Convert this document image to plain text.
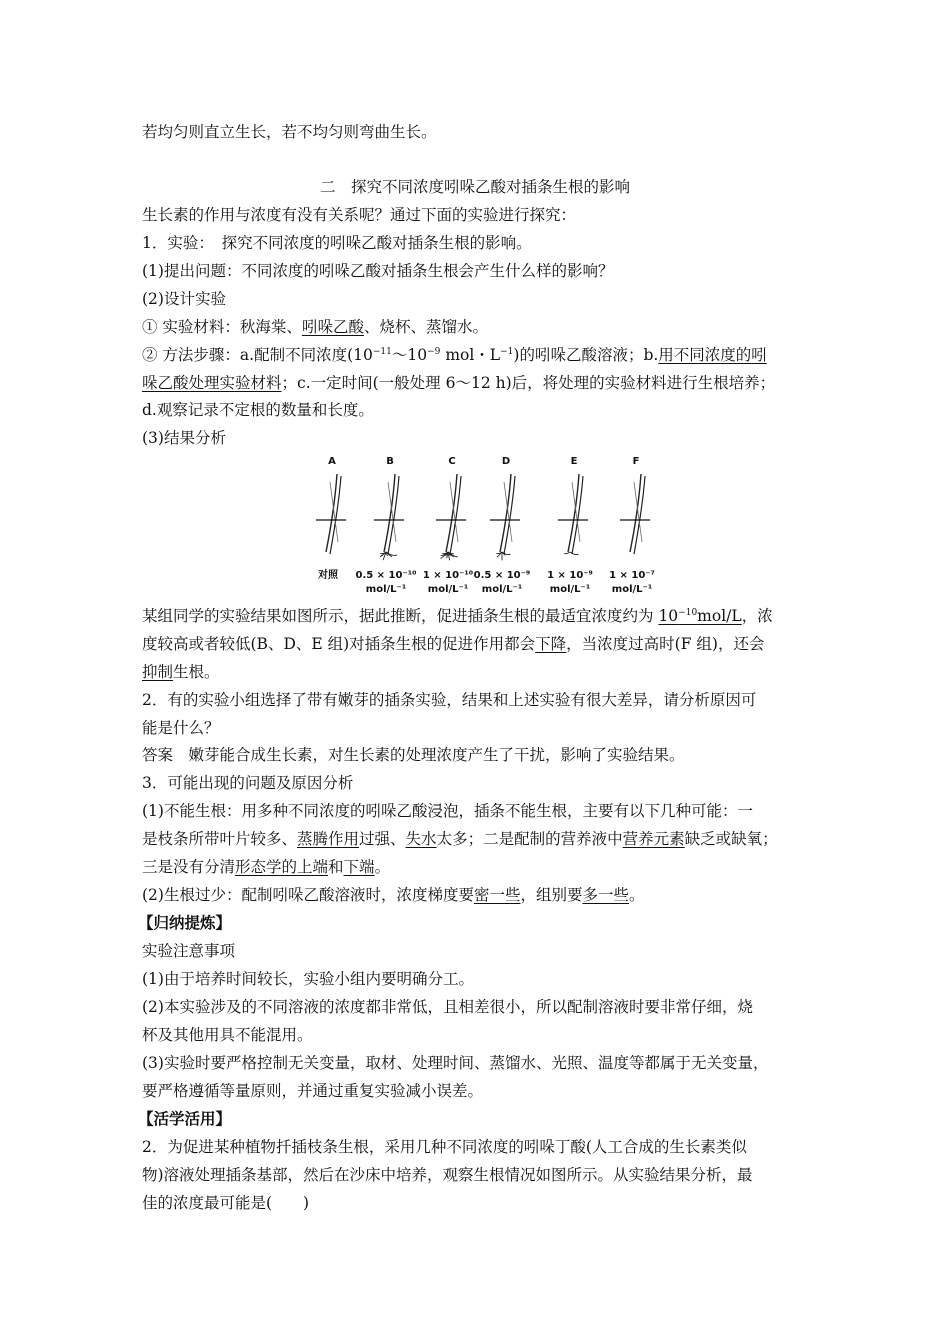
若均匀则直立生长，若不均匀则弯曲生长。
二　探究不同浓度吲哚乙酸对插条生根的影响
生长素的作用与浓度有没有关系呢？通过下面的实验进行探究：
1．实验：　探究不同浓度的吲哚乙酸对插条生根的影响。
(1)提出问题：不同浓度的吲哚乙酸对插条生根会产生什么样的影响？
(2)设计实验
① 实验材料：秋海棠、吲哚乙酸、烧杯、蒸馏水。
② 方法步骤：a.配制不同浓度($10^{-11}\sim 10^{-9}$ mol・$L^{-1}$)的吲哚乙酸溶液；b.用不同浓度的吲
哚乙酸处理实验材料；c.一定时间(一般处理 6～12 h)后，将处理的实验材料进行生根培养；
d.观察记录不定根的数量和长度。
(3)结果分析
A
对照
B
0.5 × 10⁻¹⁰
mol/L⁻¹
C
1 × 10⁻¹⁰
mol/L⁻¹
D
0.5 × 10⁻⁹
mol/L⁻¹
E
1 × 10⁻⁹
mol/L⁻¹
F
1 × 10⁻⁷
mol/L⁻¹
某组同学的实验结果如图所示，据此推断，促进插条生根的最适宜浓度约为 $10^{-10}mol/L$，浓
度较高或者较低(B、D、E 组)对插条生根的促进作用都会下降，当浓度过高时(F 组)，还会
抑制生根。
2．有的实验小组选择了带有嫩芽的插条实验，结果和上述实验有很大差异，请分析原因可
能是什么？
答案　嫩芽能合成生长素，对生长素的处理浓度产生了干扰，影响了实验结果。
3．可能出现的问题及原因分析
(1)不能生根：用多种不同浓度的吲哚乙酸浸泡，插条不能生根，主要有以下几种可能：一
是枝条所带叶片较多、蒸腾作用过强、失水太多；二是配制的营养液中营养元素缺乏或缺氧；
三是没有分清形态学的上端和下端。
(2)生根过少：配制吲哚乙酸溶液时，浓度梯度要密一些，组别要多一些。
【归纳提炼】
实验注意事项
(1)由于培养时间较长，实验小组内要明确分工。
(2)本实验涉及的不同溶液的浓度都非常低，且相差很小，所以配制溶液时要非常仔细，烧
杯及其他用具不能混用。
(3)实验时要严格控制无关变量，取材、处理时间、蒸馏水、光照、温度等都属于无关变量，
要严格遵循等量原则，并通过重复实验减小误差。
【活学活用】
2．为促进某种植物扦插枝条生根，采用几种不同浓度的吲哚丁酸(人工合成的生长素类似
物)溶液处理插条基部，然后在沙床中培养，观察生根情况如图所示。从实验结果分析，最
佳的浓度最可能是(　　)
